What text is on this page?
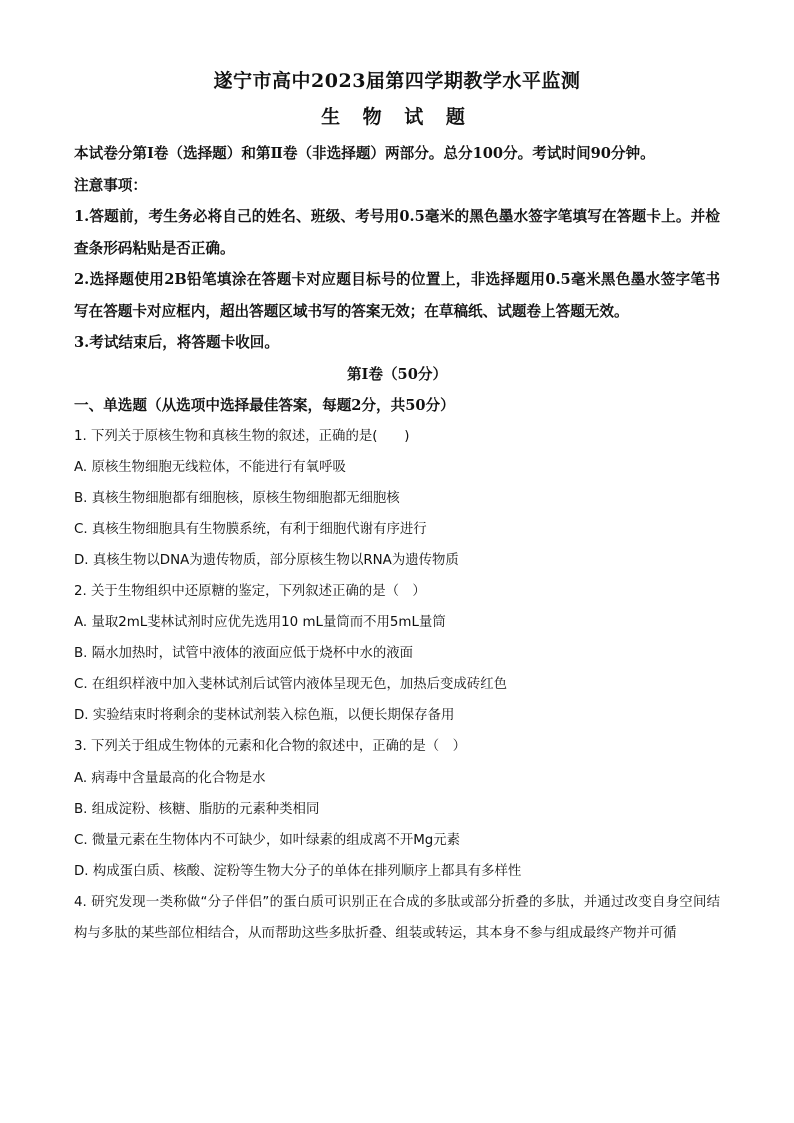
遂宁市高中2023届第四学期教学水平监测
生 物 试 题

本试卷分第Ⅰ卷（选择题）和第Ⅱ卷（非选择题）两部分。总分100分。考试时间90分钟。

注意事项：

1.答题前，考生务必将自己的姓名、班级、考号用0.5毫米的黑色墨水签字笔填写在答题卡上。并检查条形码粘贴是否正确。

2.选择题使用2B铅笔填涂在答题卡对应题目标号的位置上，非选择题用0.5毫米黑色墨水签字笔书写在答题卡对应框内，超出答题区域书写的答案无效；在草稿纸、试题卷上答题无效。

3.考试结束后，将答题卡收回。

第Ⅰ卷（50分）

一、单选题（从选项中选择最佳答案，每题2分，共50分）

1. 下列关于原核生物和真核生物的叙述，正确的是(　　)

A. 原核生物细胞无线粒体，不能进行有氧呼吸

B. 真核生物细胞都有细胞核，原核生物细胞都无细胞核

C. 真核生物细胞具有生物膜系统，有利于细胞代谢有序进行

D. 真核生物以DNA为遗传物质，部分原核生物以RNA为遗传物质

2. 关于生物组织中还原糖的鉴定，下列叙述正确的是（　）

A. 量取2mL斐林试剂时应优先选用10 mL量筒而不用5mL量筒

B. 隔水加热时，试管中液体的液面应低于烧杯中水的液面

C. 在组织样液中加入斐林试剂后试管内液体呈现无色，加热后变成砖红色

D. 实验结束时将剩余的斐林试剂装入棕色瓶，以便长期保存备用

3. 下列关于组成生物体的元素和化合物的叙述中，正确的是（　）

A. 病毒中含量最高的化合物是水

B. 组成淀粉、核糖、脂肪的元素种类相同

C. 微量元素在生物体内不可缺少，如叶绿素的组成离不开Mg元素

D. 构成蛋白质、核酸、淀粉等生物大分子的单体在排列顺序上都具有多样性

4. 研究发现一类称做“分子伴侣”的蛋白质可识别正在合成的多肽或部分折叠的多肽，并通过改变自身空间结构与多肽的某些部位相结合，从而帮助这些多肽折叠、组装或转运，其本身不参与组成最终产物并可循
